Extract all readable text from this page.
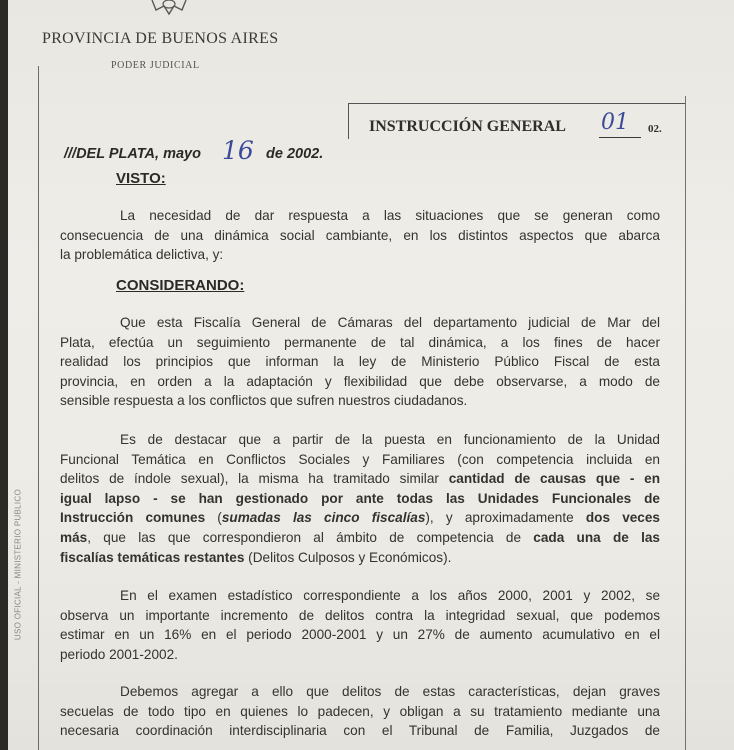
PROVINCIA DE BUENOS AIRES
PODER JUDICIAL
USO OFICIAL - MINISTERIO PUBLICO
INSTRUCCIÓN GENERAL 01 02.
///DEL PLATA, mayo 16 de 2002.
VISTO:

La necesidad de dar respuesta a las situaciones que se generan como
consecuencia de una dinámica social cambiante, en los distintos aspectos que abarca
la problemática delictiva, y:

CONSIDERANDO:

Que esta Fiscalía General de Cámaras del departamento judicial de Mar del
Plata, efectúa un seguimiento permanente de tal dinámica, a los fines de hacer
realidad los principios que informan la ley de Ministerio Público Fiscal de esta
provincia, en orden a la adaptación y flexibilidad que debe observarse, a modo de
sensible respuesta a los conflictos que sufren nuestros ciudadanos.

Es de destacar que a partir de la puesta en funcionamiento de la Unidad
Funcional Temática en Conflictos Sociales y Familiares (con competencia incluida en
delitos de índole sexual), la misma ha tramitado similar cantidad de causas que - en
igual lapso - se han gestionado por ante todas las Unidades Funcionales de
Instrucción comunes (sumadas las cinco fiscalías), y aproximadamente dos veces
más, que las que correspondieron al ámbito de competencia de cada una de las
fiscalías temáticas restantes (Delitos Culposos y Económicos).

En el examen estadístico correspondiente a los años 2000, 2001 y 2002, se
observa un importante incremento de delitos contra la integridad sexual, que podemos
estimar en un 16% en el periodo 2000-2001 y un 27% de aumento acumulativo en el
periodo 2001-2002.

Debemos agregar a ello que delitos de estas características, dejan graves
secuelas de todo tipo en quienes lo padecen, y obligan a su tratamiento mediante una
necesaria coordinación interdisciplinaria con el Tribunal de Familia, Juzgados de
